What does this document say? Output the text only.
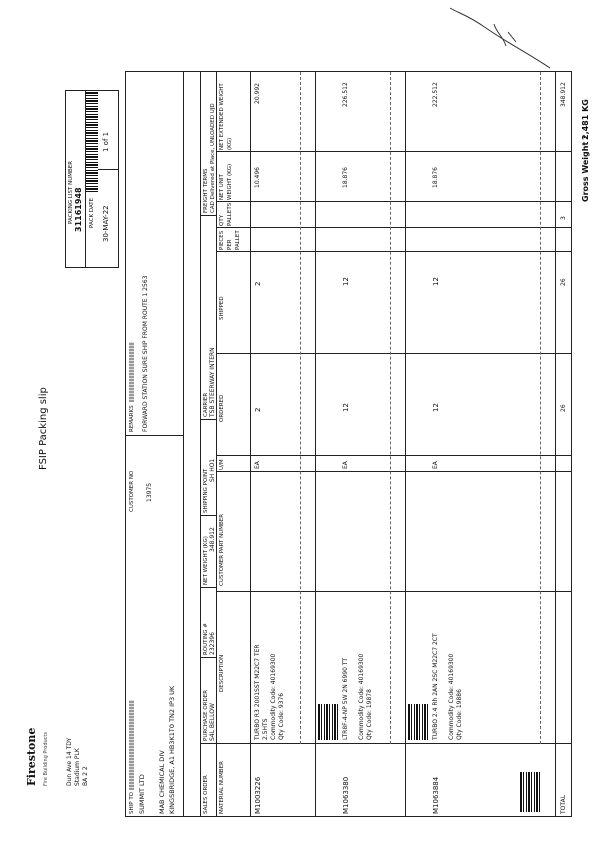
Firestone Fire Building Products	Dun Ave 14 TDY Stadium PLK BA 2 2
FSIP Packing slip
PACKING LIST NUMBER 31161948 PACK DATE 30-MAY-22
1 of 1
SHIP TO
CUSTOMER NO 13975
SUMMIT LTD MAB CHEMICAL DIV KINGSBRIDGE, A1 HB3K1T0 TN2 IP3 UK
REMARKS FORWARD STATION SURE SHIP FROM ROUTE 1 2563
SALES ORDER
PURCHASE ORDER S4L BELLOW
ROUTING # 232396
NET WEIGHT (KG) 348.912
SHIPPING POINT SH HO1
CARRIER TSB STEERWAY INTERN
FREIGHT TERMS CAD Delivered at Place, UNLOADED UJD
MATERIAL NUMBER
DESCRIPTION
CUSTOMER PART NUMBER
U/M
ORDERED
SHIPPED
PIECES PER PALLET
QTY PALLETS
NET UNIT WEIGHT (KG)
NET EXTENDED WEIGHT (KG)
M1003226
TURBO R3 2001SST M22C7 TER 2.5HTS Commodity Code: 40169300 Qty Code: 9376
EA
2
2
10.496
20.992
M1063380
LTR8F-4-NP 5W 2N 6990 TT Commodity Code: 40169300 Qty Code: 19878
EA
12
12
18.876
226.512
M1063884
TURBO 2.4 Rh 2AN 2SC M22C7 2CT Commodity Code: 40169300 Qty Code: 19886
EA
12
12
18.876
222.512
TOTAL
26
26
3
348.912
Gross Weight :
2,481 KG
